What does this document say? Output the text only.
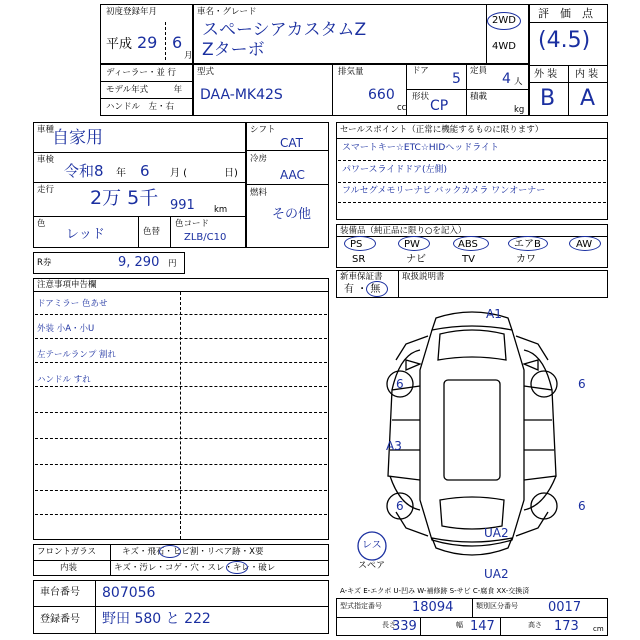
初度登録年月
平成 29 6
月
車名・グレード
スペーシアカスタムZ
Zターボ
2WD
4WD
評　価　点
(4.5)
ディーラー・並 行
モデル年式　　　年
ハンドル　左・右
型式
DAA-MK42S
排気量
660
cc
ドア 5 定員 4 人
形状
CP
積載
kg
外 装 内 装
B A
車種
自家用
車検
令和8 年 6 月 (	日)
走行 2万 5千 991 km
色
レッド	色替
色コード
ZLB/C10
シフト
CAT
冷房
AAC
燃料
その他
R券	9, 290 円
セールスポイント（正常に機能するものに限ります）
スマートキー☆ETC☆HIDヘッドライト
パワースライドドア(左側)
フルセグメモリーナビ バックカメラ ワンオーナー
装備品（純正品に限り○を記入）
PS	PW	ABS	エアB	AW
SR	ナビ	TV	カワ
新車保証書
有 ・ 無
取扱説明書
注意事項申告欄
ドアミラー 色あせ
外装 小A・小U
左テールランプ 割れ
ハンドル すれ
フロントガラス	キズ・飛石・ヒビ割・リペア跡・X要
内装	キズ・汚レ・コゲ・穴・スレ・キレ・破レ
車台番号 807056
登録番号 野田 580 と 222
A1
A3
UA2
UA2
6	6
6	6
レス
スペア
A-キズ E-エクボ U-凹み W-補修跡 S-サビ C-腐食 XX-交換済
型式指定番号 18094	類別区分番号 0017
長さ
339	幅 147	高さ 173 cm
